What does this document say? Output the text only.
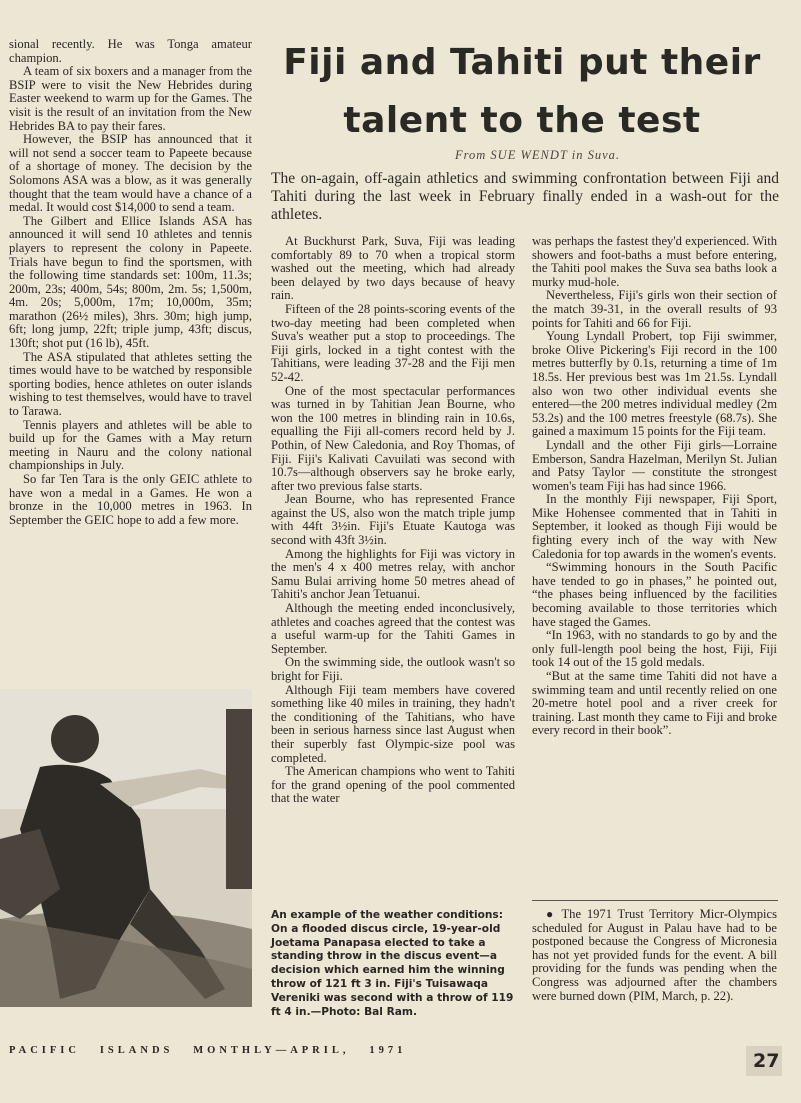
sional recently. He was Tonga amateur champion.

A team of six boxers and a manager from the BSIP were to visit the New Hebrides during Easter weekend to warm up for the Games. The visit is the result of an invitation from the New Hebrides BA to pay their fares.

However, the BSIP has announced that it will not send a soccer team to Papeete because of a shortage of money. The decision by the Solomons ASA was a blow, as it was generally thought that the team would have a chance of a medal. It would cost $14,000 to send a team.

The Gilbert and Ellice Islands ASA has announced it will send 10 athletes and tennis players to represent the colony in Papeete. Trials have begun to find the sportsmen, with the following time standards set: 100m, 11.3s; 200m, 23s; 400m, 54s; 800m, 2m. 5s; 1,500m, 4m. 20s; 5,000m, 17m; 10,000m, 35m; marathon (26½ miles), 3hrs. 30m; high jump, 6ft; long jump, 22ft; triple jump, 43ft; discus, 130ft; shot put (16 lb), 45ft.

The ASA stipulated that athletes setting the times would have to be watched by responsible sporting bodies, hence athletes on outer islands wishing to test themselves, would have to travel to Tarawa.

Tennis players and athletes will be able to build up for the Games with a May return meeting in Nauru and the colony national championships in July.

So far Ten Tara is the only GEIC athlete to have won a medal in a Games. He won a bronze in the 10,000 metres in 1963. In September the GEIC hope to add a few more.

Fiji and Tahiti put their talent to the test
From SUE WENDT in Suva.

The on-again, off-again athletics and swimming confrontation between Fiji and Tahiti during the last week in February finally ended in a wash-out for the athletes.

At Buckhurst Park, Suva, Fiji was leading comfortably 89 to 70 when a tropical storm washed out the meeting, which had already been delayed by two days because of heavy rain.

Fifteen of the 28 points-scoring events of the two-day meeting had been completed when Suva's weather put a stop to proceedings. The Fiji girls, locked in a tight contest with the Tahitians, were leading 37-28 and the Fiji men 52-42.

One of the most spectacular performances was turned in by Tahitian Jean Bourne, who won the 100 metres in blinding rain in 10.6s, equalling the Fiji all-comers record held by J. Pothin, of New Caledonia, and Roy Thomas, of Fiji. Fiji's Kalivati Cavuilati was second with 10.7s—although observers say he broke early, after two previous false starts.

Jean Bourne, who has represented France against the US, also won the match triple jump with 44ft 3½in. Fiji's Etuate Kautoga was second with 43ft 3½in.

Among the highlights for Fiji was victory in the men's 4 x 400 metres relay, with anchor Samu Bulai arriving home 50 metres ahead of Tahiti's anchor Jean Tetuanui.

Although the meeting ended inconclusively, athletes and coaches agreed that the contest was a useful warm-up for the Tahiti Games in September.

On the swimming side, the outlook wasn't so bright for Fiji.

Although Fiji team members have covered something like 40 miles in training, they hadn't the conditioning of the Tahitians, who have been in serious harness since last August when their superbly fast Olympic-size pool was completed.

The American champions who went to Tahiti for the grand opening of the pool commented that the water

was perhaps the fastest they'd experienced. With showers and foot-baths a must before entering, the Tahiti pool makes the Suva sea baths look a murky mud-hole.

Nevertheless, Fiji's girls won their section of the match 39-31, in the overall results of 93 points for Tahiti and 66 for Fiji.

Young Lyndall Probert, top Fiji swimmer, broke Olive Pickering's Fiji record in the 100 metres butterfly by 0.1s, returning a time of 1m 18.5s. Her previous best was 1m 21.5s. Lyndall also won two other individual events she entered—the 200 metres individual medley (2m 53.2s) and the 100 metres freestyle (68.7s). She gained a maximum 15 points for the Fiji team.

Lyndall and the other Fiji girls—Lorraine Emberson, Sandra Hazelman, Merilyn St. Julian and Patsy Taylor — constitute the strongest women's team Fiji has had since 1966.

In the monthly Fiji newspaper, Fiji Sport, Mike Hohensee commented that in Tahiti in September, it looked as though Fiji would be fighting every inch of the way with New Caledonia for top awards in the women's events.

“Swimming honours in the South Pacific have tended to go in phases,” he pointed out, “the phases being influenced by the facilities becoming available to those territories which have staged the Games.

“In 1963, with no standards to go by and the only full-length pool being the host, Fiji, Fiji took 14 out of the 15 gold medals.

“But at the same time Tahiti did not have a swimming team and until recently relied on one 20-metre hotel pool and a river creek for training. Last month they came to Fiji and broke every record in their book”.

● The 1971 Trust Territory Micr-Olympics scheduled for August in Palau have had to be postponed because the Congress of Micronesia has not yet provided funds for the event. A bill providing for the funds was pending when the Congress was adjourned after the chambers were burned down (PIM, March, p. 22).

An example of the weather conditions: On a flooded discus circle, 19-year-old Joetama Panapasa elected to take a standing throw in the discus event—a decision which earned him the winning throw of 121 ft 3 in. Fiji's Tuisawaqa Vereniki was second with a throw of 119 ft 4 in.—Photo: Bal Ram.

PACIFIC   ISLANDS   MONTHLY—APRIL,   1971	27
